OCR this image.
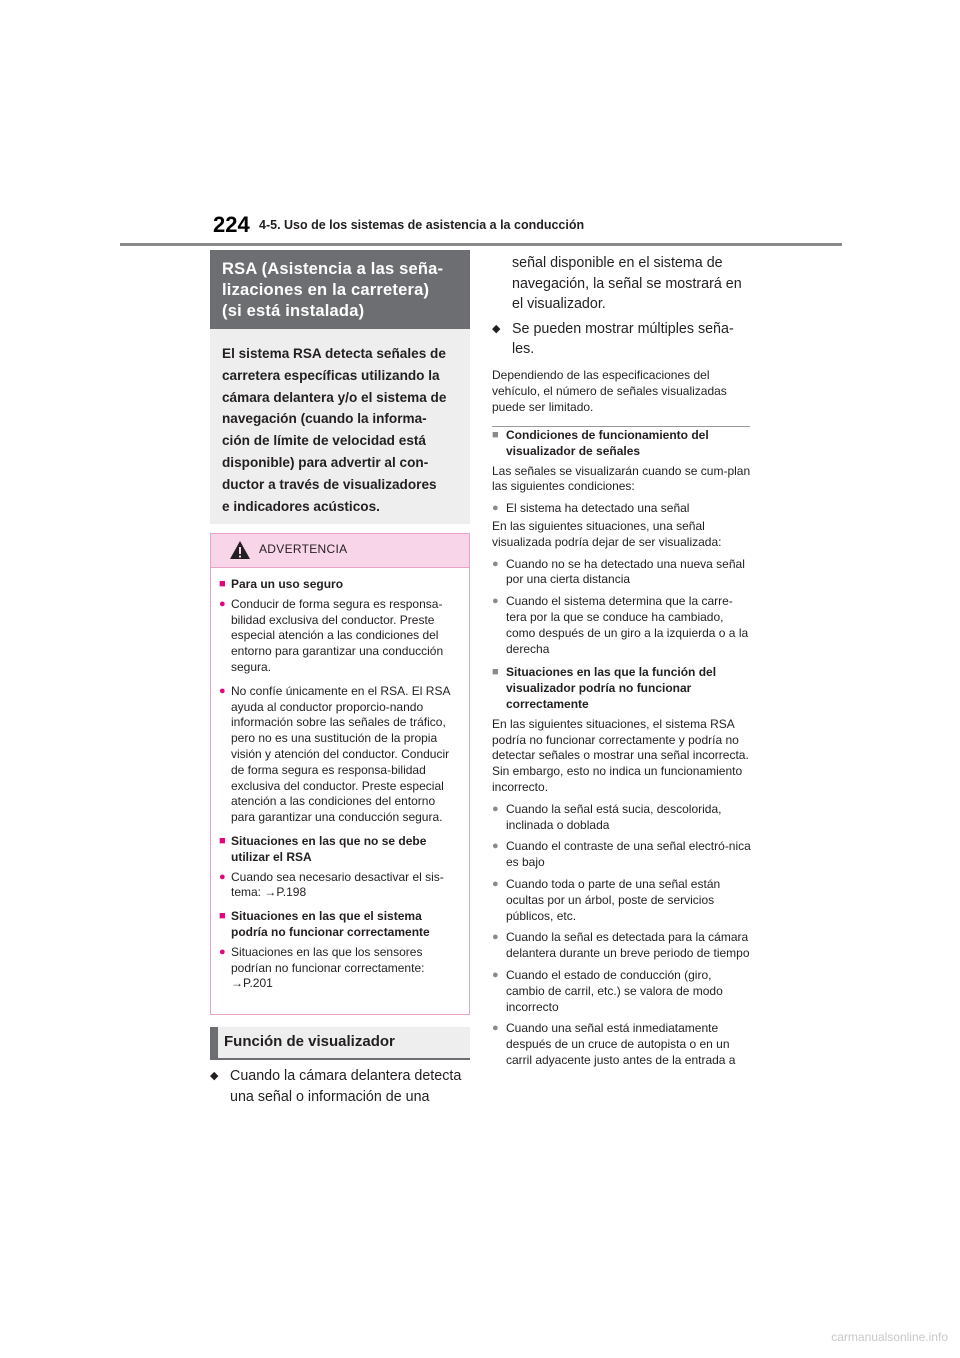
224 4-5. Uso de los sistemas de asistencia a la conducción
RSA (Asistencia a las seña-
lizaciones en la carretera)
(si está instalada)
El sistema RSA detecta señales de
carretera específicas utilizando la
cámara delantera y/o el sistema de
navegación (cuando la informa-
ción de límite de velocidad está
disponible) para advertir al con-
ductor a través de visualizadores
e indicadores acústicos.
ADVERTENCIA
■ Para un uso seguro
● Conducir de forma segura es responsa-bilidad exclusiva del conductor. Preste especial atención a las condiciones del entorno para garantizar una conducción segura.
● No confíe únicamente en el RSA. El RSA ayuda al conductor proporcio-nando información sobre las señales de tráfico, pero no es una sustitución de la propia visión y atención del conductor. Conducir de forma segura es responsa-bilidad exclusiva del conductor. Preste especial atención a las condiciones del entorno para garantizar una conducción segura.
■ Situaciones en las que no se debe utilizar el RSA
● Cuando sea necesario desactivar el sis-tema: →P.198
■ Situaciones en las que el sistema podría no funcionar correctamente
● Situaciones en las que los sensores podrían no funcionar correctamente: →P.201
Función de visualizador
◆ Cuando la cámara delantera detecta una señal o información de una
señal disponible en el sistema de navegación, la señal se mostrará en el visualizador.
◆ Se pueden mostrar múltiples seña-les.
Dependiendo de las especificaciones del vehículo, el número de señales visualizadas puede ser limitado.
■ Condiciones de funcionamiento del visualizador de señales
Las señales se visualizarán cuando se cum-plan las siguientes condiciones:
● El sistema ha detectado una señal
En las siguientes situaciones, una señal visualizada podría dejar de ser visualizada:
● Cuando no se ha detectado una nueva señal por una cierta distancia
● Cuando el sistema determina que la carre-tera por la que se conduce ha cambiado, como después de un giro a la izquierda o a la derecha
■ Situaciones en las que la función del visualizador podría no funcionar correctamente
En las siguientes situaciones, el sistema RSA podría no funcionar correctamente y podría no detectar señales o mostrar una señal incorrecta. Sin embargo, esto no indica un funcionamiento incorrecto.
● Cuando la señal está sucia, descolorida, inclinada o doblada
● Cuando el contraste de una señal electró-nica es bajo
● Cuando toda o parte de una señal están ocultas por un árbol, poste de servicios públicos, etc.
● Cuando la señal es detectada para la cámara delantera durante un breve periodo de tiempo
● Cuando el estado de conducción (giro, cambio de carril, etc.) se valora de modo incorrecto
● Cuando una señal está inmediatamente después de un cruce de autopista o en un carril adyacente justo antes de la entrada a
carmanualsonline.info
